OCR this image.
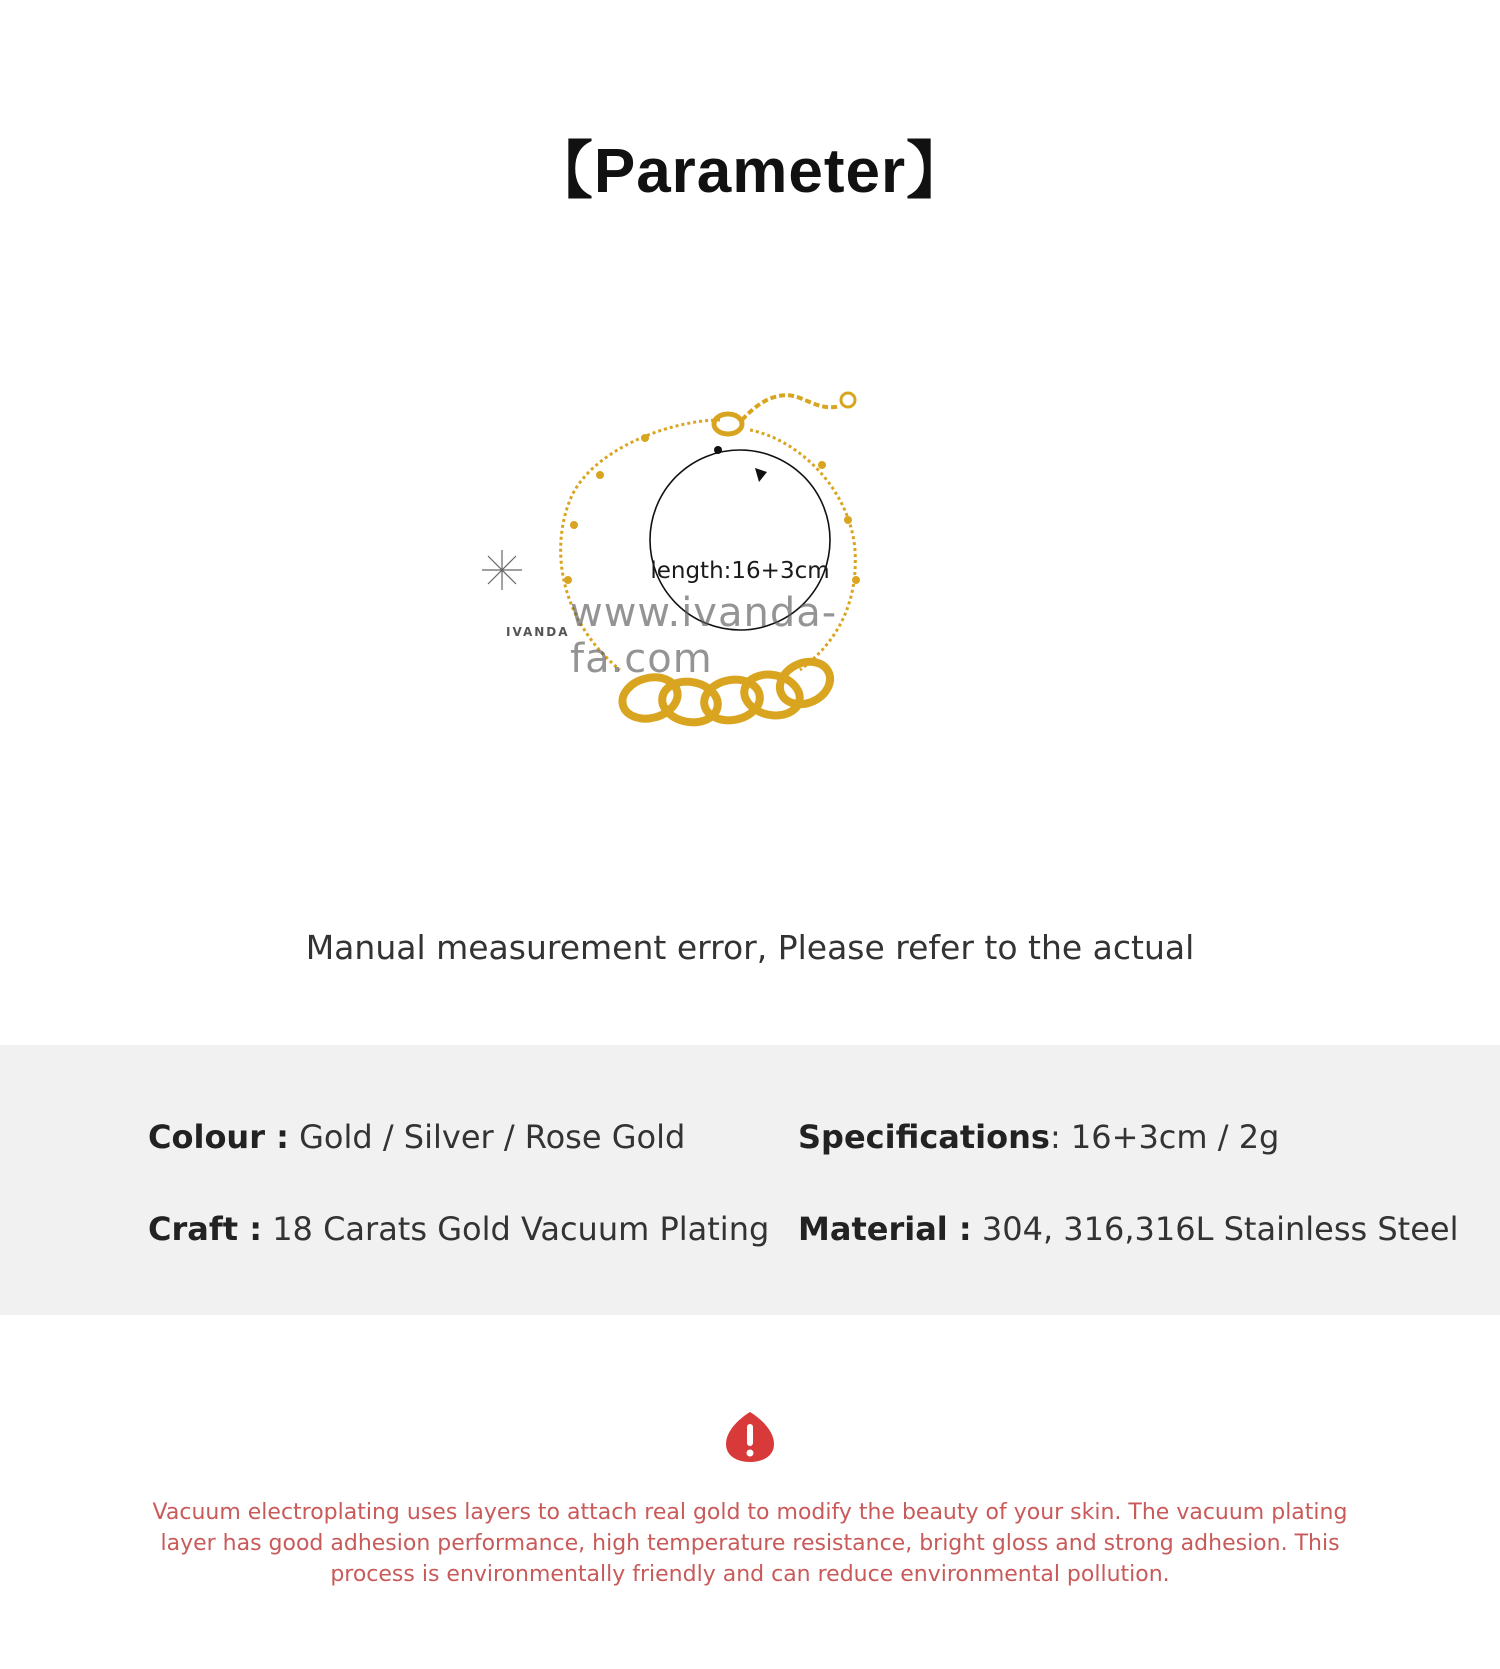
【Parameter】
length:16+3cm
www.ivanda-fa.com
IVANDA
Manual measurement error, Please refer to the actual
Colour : Gold / Silver / Rose Gold	Specifications: 16+3cm / 2g
Craft : 18 Carats Gold Vacuum Plating Material : 304, 316,316L Stainless Steel
Vacuum electroplating uses layers to attach real gold to modify the beauty of your skin. The vacuum plating layer has good adhesion performance, high temperature resistance, bright gloss and strong adhesion. This process is environmentally friendly and can reduce environmental pollution.
